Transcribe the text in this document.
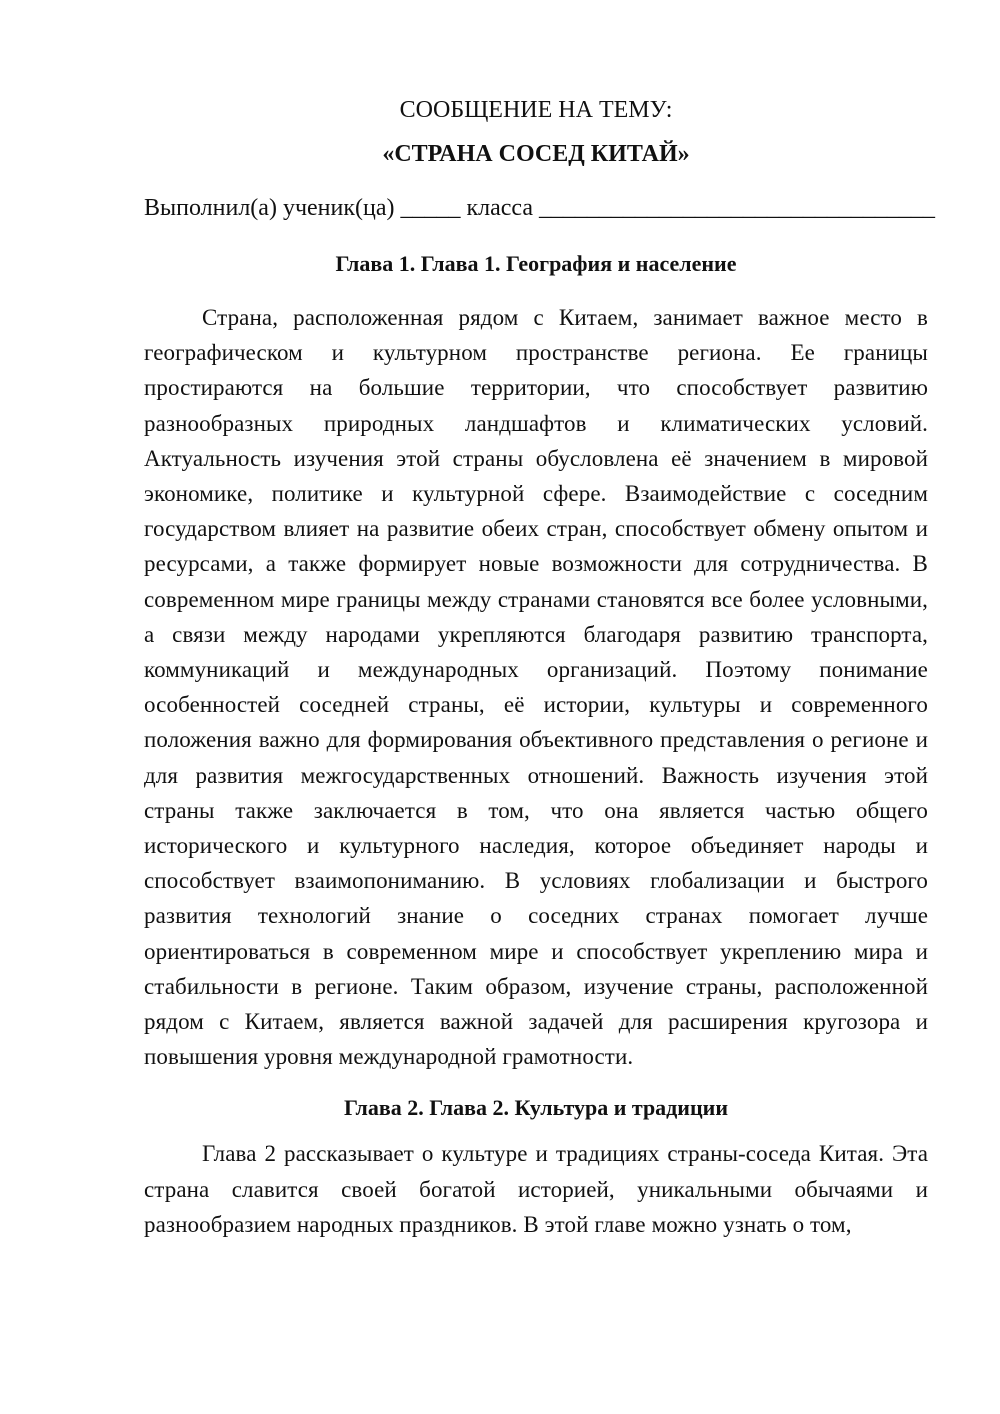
СООБЩЕНИЕ НА ТЕМУ:
«СТРАНА СОСЕД КИТАЙ»

Выполнил(а) ученик(ца) _____ класса _________________________________

Глава 1. Глава 1. География и население

Страна, расположенная рядом с Китаем, занимает важное место в географическом и культурном пространстве региона. Ее границы простираются на большие территории, что способствует развитию разнообразных природных ландшафтов и климатических условий. Актуальность изучения этой страны обусловлена её значением в мировой экономике, политике и культурной сфере. Взаимодействие с соседним государством влияет на развитие обеих стран, способствует обмену опытом и ресурсами, а также формирует новые возможности для сотрудничества. В современном мире границы между странами становятся все более условными, а связи между народами укрепляются благодаря развитию транспорта, коммуникаций и международных организаций. Поэтому понимание особенностей соседней страны, её истории, культуры и современного положения важно для формирования объективного представления о регионе и для развития межгосударственных отношений. Важность изучения этой страны также заключается в том, что она является частью общего исторического и культурного наследия, которое объединяет народы и способствует взаимопониманию. В условиях глобализации и быстрого развития технологий знание о соседних странах помогает лучше ориентироваться в современном мире и способствует укреплению мира и стабильности в регионе. Таким образом, изучение страны, расположенной рядом с Китаем, является важной задачей для расширения кругозора и повышения уровня международной грамотности.

Глава 2. Глава 2. Культура и традиции

Глава 2 рассказывает о культуре и традициях страны-соседа Китая. Эта страна славится своей богатой историей, уникальными обычаями и разнообразием народных праздников. В этой главе можно узнать о том,
